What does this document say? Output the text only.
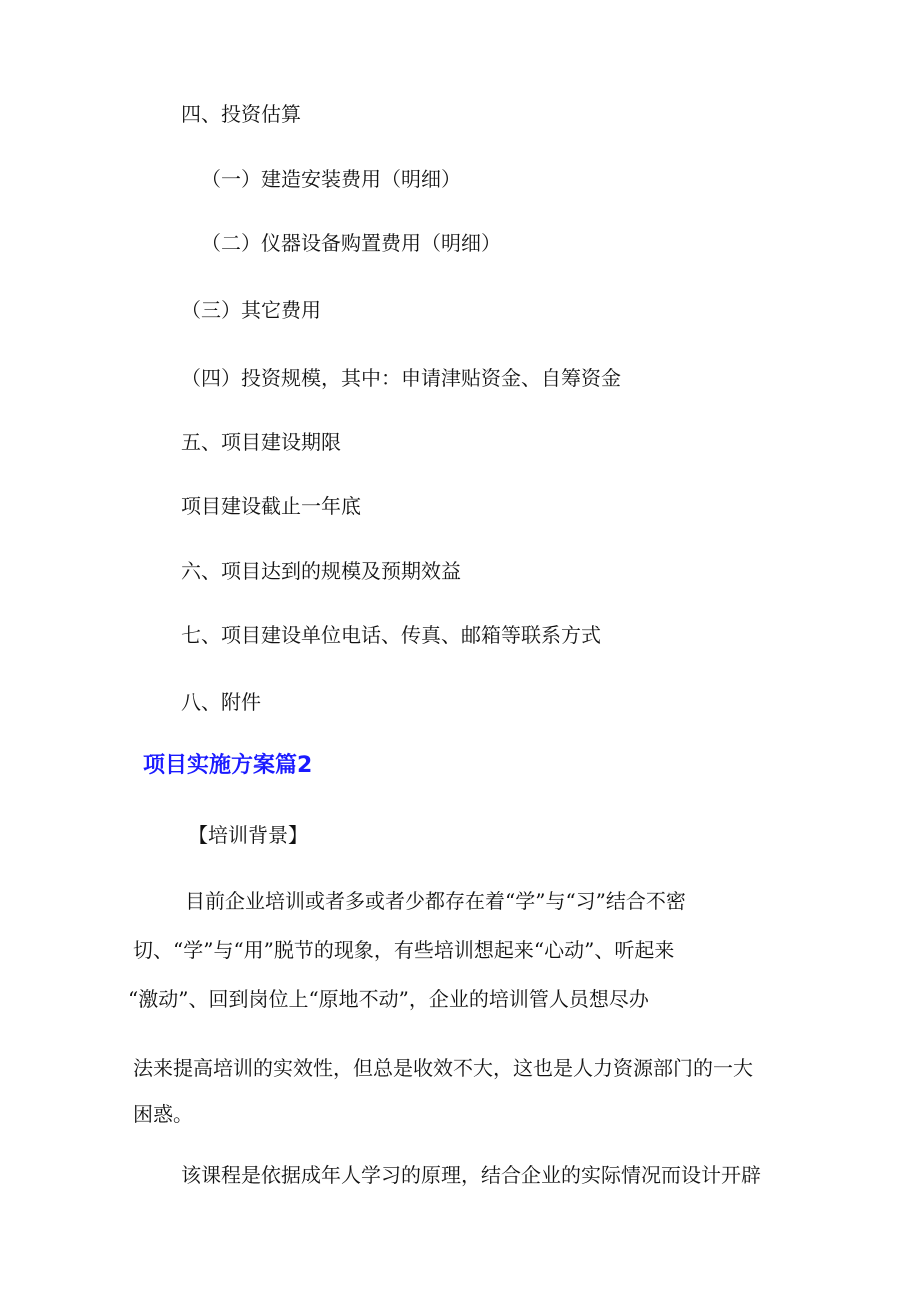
四、投资估算

（一）建造安装费用（明细）

（二）仪器设备购置费用（明细）

（三）其它费用

（四）投资规模，其中：申请津贴资金、自筹资金

五、项目建设期限

项目建设截止一年底

六、项目达到的规模及预期效益

七、项目建设单位电话、传真、邮箱等联系方式

八、附件

项目实施方案篇2

【培训背景】

目前企业培训或者多或者少都存在着“学”与“习”结合不密

切、“学”与“用”脱节的现象，有些培训想起来“心动”、听起来

“激动”、回到岗位上“原地不动”，企业的培训管人员想尽办

法来提高培训的实效性，但总是收效不大，这也是人力资源部门的一大

困惑。

该课程是依据成年人学习的原理，结合企业的实际情况而设计开辟
